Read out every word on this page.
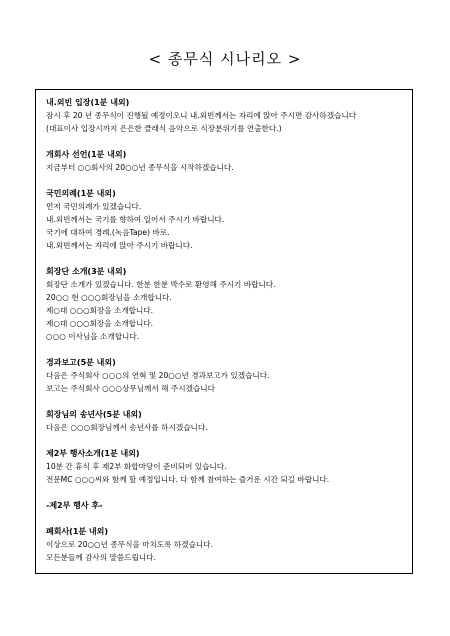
< 종무식 시나리오 >
내.외빈 입장(1분 내외)
잠시 후 20 년 종무식이 진행될 예정이오니 내.외빈께서는 자리에 앉아 주시면 감사하겠습니다
(대표이사 입장시까지 은은한 클래식 음악으로 식장분위기를 연출한다.)
개회사 선언(1분 내외)
지금부터 ○○회사의 20○○년 종무식을 시작하겠습니다.
국민의례(1분 내외)
먼저 국민의례가 있겠습니다.
내.외빈께서는 국기를 향하여 일어서 주시기 바랍니다.
국기에 대하여 경례.(녹음Tape) 바로.
내.외빈께서는 자리에 앉아 주시기 바랍니다.
회장단 소개(3분 내외)
회장단 소개가 있겠습니다. 한분 한분 박수로 환영해 주시기 바랍니다.
20○○ 현 ○○○회장님을 소개합니다.
제○대 ○○○회장을 소개합니다.
제○대 ○○○회장을 소개합니다.
○○○ 이사님을 소개합니다.
경과보고(5분 내외)
다음은 주식회사 ○○○의 연혁 및 20○○년 경과보고가 있겠습니다.
보고는 주식회사 ○○○상무님께서 해 주시겠습니다
회장님의 송년사(5분 내외)
다음은 ○○○회장님께서 송년사를 하시겠습니다.
제2부 행사소개(1분 내외)
10분 간 휴식 후 제2부 화합마당이 준비되어 있습니다.
전문MC ○○○씨와 함께 할 예정입니다. 다 함께 참여하는 즐거운 시간 되길 바랍니다.
-제2부 행사 후-
폐회사(1분 내외)
이상으로 20○○년 종무식을 마치도록 하겠습니다.
모든분들께 감사의 말씀드립니다.
